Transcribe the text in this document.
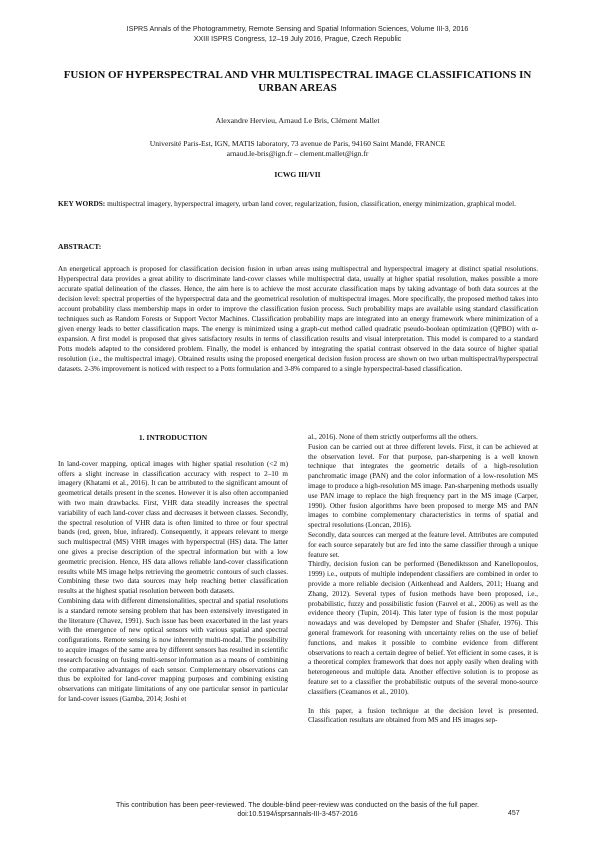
ISPRS Annals of the Photogrammetry, Remote Sensing and Spatial Information Sciences, Volume III-3, 2016
XXIII ISPRS Congress, 12–19 July 2016, Prague, Czech Republic
FUSION OF HYPERSPECTRAL AND VHR MULTISPECTRAL IMAGE CLASSIFICATIONS IN URBAN AREAS
Alexandre Hervieu, Arnaud Le Bris, Clément Mallet
Université Paris-Est, IGN, MATIS laboratory, 73 avenue de Paris, 94160 Saint Mandé, FRANCE
arnaud.le-bris@ign.fr – clement.mallet@ign.fr
ICWG III/VII
KEY WORDS: multispectral imagery, hyperspectral imagery, urban land cover, regularization, fusion, classification, energy minimization, graphical model.
ABSTRACT:
An energetical approach is proposed for classification decision fusion in urban areas using multispectral and hyperspectral imagery at distinct spatial resolutions. Hyperspectral data provides a great ability to discriminate land-cover classes while multispectral data, usually at higher spatial resolution, makes possible a more accurate spatial delineation of the classes. Hence, the aim here is to achieve the most accurate classification maps by taking advantage of both data sources at the decision level: spectral properties of the hyperspectral data and the geometrical resolution of multispectral images. More specifically, the proposed method takes into account probability class membership maps in order to improve the classification fusion process. Such probability maps are available using standard classification techniques such as Random Forests or Support Vector Machines. Classification probability maps are integrated into an energy framework where minimization of a given energy leads to better classification maps. The energy is minimized using a graph-cut method called quadratic pseudo-boolean optimization (QPBO) with α-expansion. A first model is proposed that gives satisfactory results in terms of classification results and visual interpretation. This model is compared to a standard Potts models adapted to the considered problem. Finally, the model is enhanced by integrating the spatial contrast observed in the data source of higher spatial resolution (i.e., the multispectral image). Obtained results using the proposed energetical decision fusion process are shown on two urban multispectral/hyperspectral datasets. 2-3% improvement is noticed with respect to a Potts formulation and 3-8% compared to a single hyperspectral-based classification.

1. INTRODUCTION

In land-cover mapping, optical images with higher spatial resolution (<2 m) offers a slight increase in classification accuracy with respect to 2–10 m imagery (Khatami et al., 2016). It can be attributed to the significant amount of geometrical details present in the scenes. However it is also often accompanied with two main drawbacks. First, VHR data steadily increases the spectral variability of each land-cover class and decreases it between classes. Secondly, the spectral resolution of VHR data is often limited to three or four spectral bands (red, green, blue, infrared). Consequently, it appears relevant to merge such multispectral (MS) VHR images with hyperspectral (HS) data. The latter one gives a precise description of the spectral information but with a low geometric precision. Hence, HS data allows reliable land-cover classificationn results while MS image helps retrieving the geometric contours of such classes. Combining these two data sources may help reaching better classification results at the highest spatial resolution between both datasets.

Combining data with different dimensionalities, spectral and spatial resolutions is a standard remote sensing problem that has been extensively investigated in the literature (Chavez, 1991). Such issue has been exacerbated in the last years with the emergence of new optical sensors with various spatial and spectral configurations. Remote sensing is now inherently multi-modal. The possibility to acquire images of the same area by different sensors has resulted in scientific research focusing on fusing multi-sensor information as a means of combining the comparative advantages of each sensor. Complementary observations can thus be exploited for land-cover mapping purposes and combining existing observations can mitigate limitations of any one particular sensor in particular for land-cover issues (Gamba, 2014; Joshi et

al., 2016). None of them strictly outperforms all the others.

Fusion can be carried out at three different levels. First, it can be achieved at the observation level. For that purpose, pan-sharpening is a well known technique that integrates the geometric details of a high-resolution panchromatic image (PAN) and the color information of a low-resolution MS image to produce a high-resolution MS image. Pan-sharpening methods usually use PAN image to replace the high frequency part in the MS image (Carper, 1990). Other fusion algorithms have been proposed to merge MS and PAN images to combine complementary characteristics in terms of spatial and spectral resolutions (Loncan, 2016).

Secondly, data sources can merged at the feature level. Attributes are computed for each source separately but are fed into the same classifier through a unique feature set.

Thirdly, decision fusion can be performed (Benediktsson and Kanellopoulos, 1999) i.e., outputs of multiple independent classifiers are combined in order to provide a more reliable decision (Aitkenhead and Aalders, 2011; Huang and Zhang, 2012). Several types of fusion methods have been proposed, i.e., probabilistic, fuzzy and possibilistic fusion (Fauvel et al., 2006) as well as the evidence theory (Tupin, 2014). This later type of fusion is the most popular nowadays and was developed by Dempster and Shafer (Shafer, 1976). This general framework for reasoning with uncertainty relies on the use of belief functions, and makes it possible to combine evidence from different observations to reach a certain degree of belief. Yet efficient in some cases, it is a theoretical complex framework that does not apply easily when dealing with heterogeneous and multiple data. Another effective solution is to propose as feature set to a classifier the probabilistic outputs of the several mono-source classifiers (Ceamanos et al., 2010).

In this paper, a fusion technique at the decision level is presented. Classification resultats are obtained from MS and HS images sep-

This contribution has been peer-reviewed. The double-blind peer-review was conducted on the basis of the full paper.
doi:10.5194/isprsannals-III-3-457-2016	457
